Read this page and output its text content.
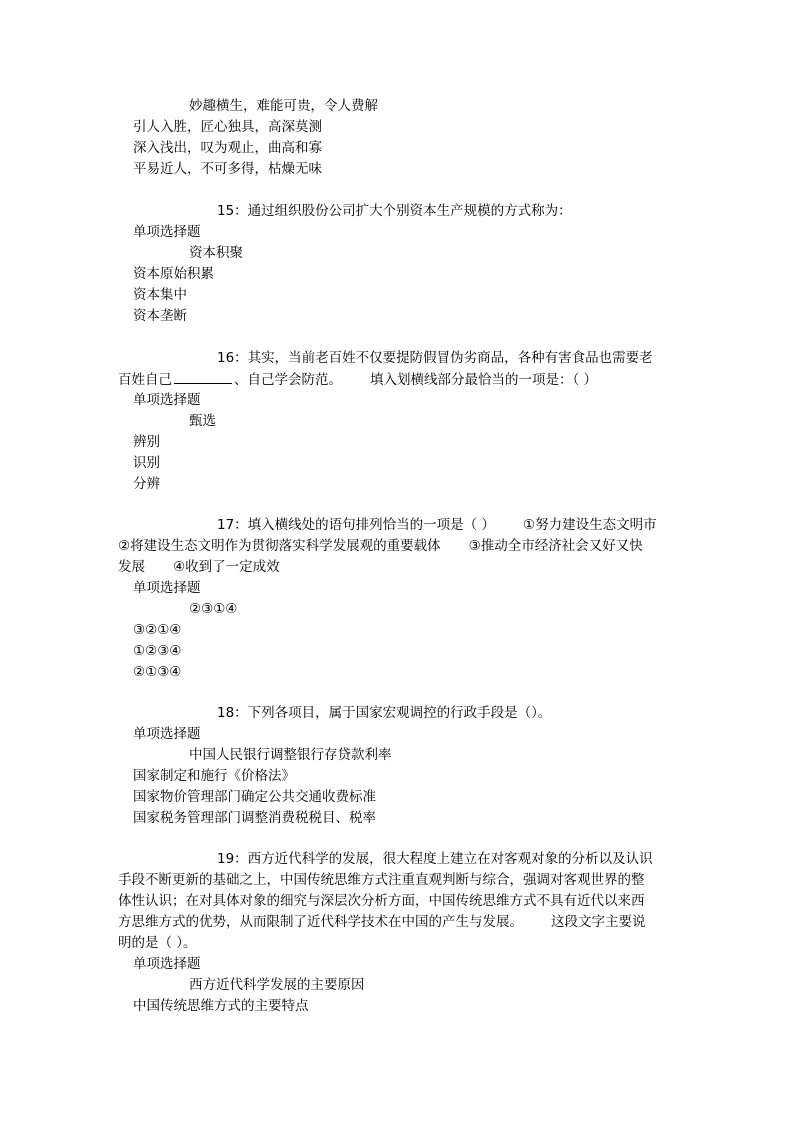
妙趣横生，难能可贵，令人费解
引人入胜，匠心独具，高深莫测
深入浅出，叹为观止，曲高和寡
平易近人，不可多得，枯燥无味
15：通过组织股份公司扩大个别资本生产规模的方式称为：
单项选择题
资本积聚
资本原始积累
资本集中
资本垄断
16：其实，当前老百姓不仅要提防假冒伪劣商品，各种有害食品也需要老
百姓自己	、自己学会防范。 填入划横线部分最恰当的一项是：（ ）
单项选择题
甄选
辨别
识别
分辨
17：填入横线处的语句排列恰当的一项是（ ） ①努力建设生态文明市
②将建设生态文明作为贯彻落实科学发展观的重要载体 ③推动全市经济社会又好又快
发展 ④收到了一定成效
单项选择题
②③①④
③②①④
①②③④
②①③④
18：下列各项目，属于国家宏观调控的行政手段是（）。
单项选择题
中国人民银行调整银行存贷款利率
国家制定和施行《价格法》
国家物价管理部门确定公共交通收费标准
国家税务管理部门调整消费税税目、税率
19：西方近代科学的发展，很大程度上建立在对客观对象的分析以及认识
手段不断更新的基础之上，中国传统思维方式注重直观判断与综合，强调对客观世界的整
体性认识；在对具体对象的细究与深层次分析方面，中国传统思维方式不具有近代以来西
方思维方式的优势，从而限制了近代科学技术在中国的产生与发展。 这段文字主要说
明的是（ ）。
单项选择题
西方近代科学发展的主要原因
中国传统思维方式的主要特点
